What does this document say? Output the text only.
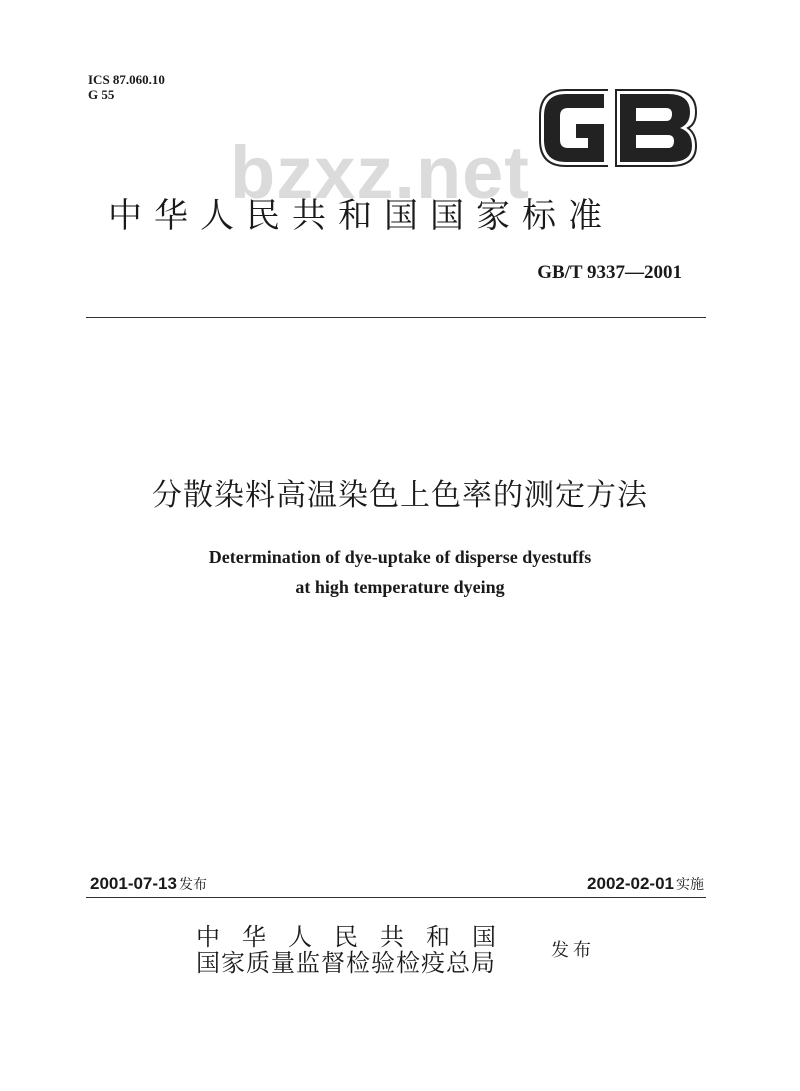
ICS 87.060.10
G 55
bzxz.net
中华人民共和国国家标准
GB/T 9337—2001
分散染料高温染色上色率的测定方法
Determination of dye-uptake of disperse dyestuffs
at high temperature dyeing
2001-07-13 发布	2002-02-01 实施
中华人民共和国
国家质量监督检验检疫总局	发布
